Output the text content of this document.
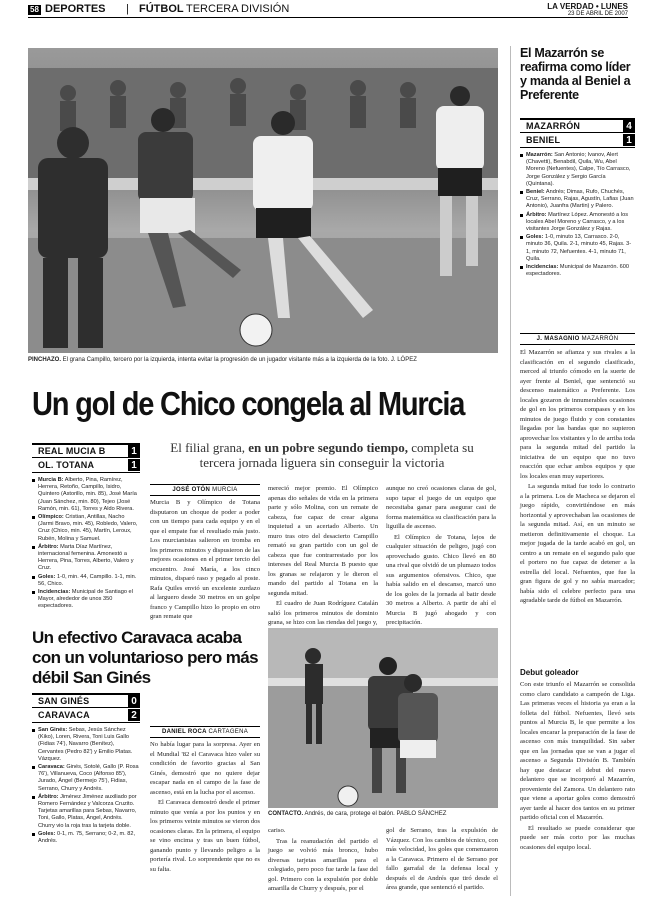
58 DEPORTES | FÚTBOL TERCERA DIVISIÓN	LA VERDAD • LUNES
23 DE ABRIL DE 2007
PINCHAZO. El grana Campillo, tercero por la izquierda, intenta evitar la progresión de un jugador visitante más a la izquierda de la foto. J. LÓPEZ
Un gol de Chico congela al Murcia
REAL MUCIA B	1
OL. TOTANA	1
Murcia B: Alberto, Pina, Ramírez, Herrera, Retoño, Campillo, Isidro, Quintero (Astorillo, min. 85), José María (Juan Sánchez, min. 80), Tejeo (José Ramón, min. 61), Torres y Aldo Rivera.
Olímpico: Cristian, Antillas, Nacho (Jarmi Bravo, min. 45), Robledo, Valero, Cruz (Chico, min. 45), Martín, Leroux, Rubén, Molina y Samuel.
Árbitro: Marta Díaz Martínez, internacional femenina. Amonestó a Herrera, Pina, Torres, Alberto, Valero y Cruz.
Goles: 1-0, min. 44, Campillo. 1-1, min. 56, Chico.
Incidencias: Municipal de Santiago el Mayor, alrededor de unos 350 espectadores.
El filial grana, en un pobre segundo tiempo, completa su tercera jornada liguera sin conseguir la victoria
JOSÉ OTÓN MURCIA

Murcia B y Olímpico de Totana disputaron un choque de poder a poder con un tiempo para cada equipo y en el que el empate fue el resultado más justo. Los murcianistas salieron en tromba en los primeros minutos y dispusieron de las mejores ocasiones en el primer tercio del encuentro. José María, a los cinco minutos, disparó raso y pegado al poste. Rafa Quiles envió un excelente zurdazo al larguero desde 30 metros en un golpe franco y Campillo hizo lo propio en otro gran remate que

mereció mejor premio. El Olímpico apenas dio señales de vida en la primera parte y sólo Molina, con un remate de cabeza, fue capaz de crear alguna inquietud a un acertado Alberto. Un muro tras otro del desacierto Campillo remató su gran partido con un gol de cabeza que fue contrarrestado por los intereses del Real Murcia B puesto que los granas se relajaron y le dieron el mando del partido al Totana en la segunda mitad.

El cuadro de Juan Rodríguez Catalán salió los primeros minutos de dominio grana, se hizo con las riendas del juego y,

aunque no creó ocasiones claras de gol, supo tapar el juego de un equipo que necesitaba ganar para asegurar casi de forma matemática su clasificación para la liguilla de ascenso.

El Olímpico de Totana, lejos de cualquier situación de peligro, jugó con aprovechado gusto. Chico llevó en 80 una rival que olvidó de un plumazo todos sus argumentos ofensivos. Chico, que había salido en el descanso, marcó uno de los goles de la jornada al batir desde 30 metros a Alberto. A partir de ahí el Murcia B jugó ahogado y con precipitación.

El Mazarrón se reafirma como líder y manda al Beniel a Preferente
MAZARRÓN	4
BENIEL	1
Mazarrón: San Antonio; Ivanov, Alert (Chavetti), Benabdil, Quila, Wu, Abel Moreno (Nefuentes), Calpe, Tío Carrasco, Jorge González y Sergio García (Quintana).
Beniel: Andrés; Dimas, Rufo, Chuchés, Cruz, Serrano, Rajas, Agustín, Lafias (Juan Antonio), Juanfra (Martin) y Palero.
Árbitro: Martínez López. Amonestó a los locales Abel Moreno y Carrasco, y a los visitantes Jorge González y Rajas.
Goles: 1-0, minuto 13, Carrasco. 2-0, minuto 36, Quila. 2-1, minuto 45, Rajas. 3-1, minuto 72, Nefuentes. 4-1, minuto 71, Quila.
Incidencias: Municipal de Mazarrón. 600 espectadores.
J. MASAGNIO MAZARRÓN

El Mazarrón se afianza y sus rivales a la clasificación en el segundo clasificado, merced al triunfo cómodo en la suerte de ayer frente al Beniel, que sentenció su descenso matemático a Preferente. Los locales gozaron de innumerables ocasiones de gol en los primeros compases y en los minutos de juego fluido y con constantes llegadas por las bandas que no supieron aprovechar los visitantes y lo de arriba toda para la segunda mitad del partido la iniciativa de un equipo que no tuvo reacción que echar ambos equipos y que los locales eran muy superiores.

La segunda mitad fue todo lo contrario a la primera. Los de Macheca se dejaron el juego rápido, convirtiéndose en más horizontal y aprovechaban las ocasiones de la segunda mitad. Así, en un minuto se metieron definitivamente el choque. La mejor jugada de la tarde acabó en gol, un centro a un remate en el segundo palo que el portero no fue capaz de detener a la estrella del local. Nefuentes, que fue la gran figura de gol y no sabía marcador; había sido el celebre perfecto para una agradable tarde de fútbol en Mazarrón.

Debut goleador

Con este triunfo el Mazarrón se consolida como claro candidato a campeón de Liga. Las primeras veces el historia ya eran a la folleta del fútbol. Nefuentes, llevó seis puntos al Murcia B, le que permite a los locales encarar la preparación de la fase de ascenso con más tranquilidad. Sin saber que en las jornadas que se van a jugar el ascenso a Segunda División B. También hay que destacar el debut del nuevo delantero que se incorporó al Mazarrón, proveniente del Zamora. Un delantero rato que viene a aportar goles como demostró ayer tarde al hacer dos tantos en su primer partido oficial con el Mazarrón.

El resultado se puede considerar que puede ser más corto por las muchas ocasiones del equipo local.

Un efectivo Caravaca acaba con un voluntarioso pero más débil San Ginés
SAN GINÉS	0
CARAVACA	2
San Ginés: Sebas, Jesús Sánchez (Kiko), Loren, Rivera, Toni Luis Gallo (Fidias 74'), Navarro (Benítez), Cervantes (Pedro 82') y Emilio Platas. Vázquez.
Caravaca: Ginés, Sotolé, Gallo (P. Rosa 76'), Villanueva, Coco (Alfonso 85'), Jurado, Ángel (Bermejo 75'), Fidias, Serrano, Churry y Andrés.
Árbitro: Jiménez Jiménez auxiliado por Romero Fernández y Valcorza Cruzito. Tarjetas amarillas para Sebas, Navarro, Toni, Gallo, Platas, Ángel, Andrés. Churry vio la roja tras la tarjeta doble.
Goles: 0-1, m. 75, Serrano; 0-2, m. 82, Andrés.
DANIEL ROCA CARTAGENA

No había lugar para la sorpresa. Ayer en el Mundial '82 el Caravaca hizo valer su condición de favorito gracias al San Ginés, demostró que no quiere dejar escapar nada en el campo de la fase de ascenso, está en la lucha por el ascenso.

El Caravaca demostró desde el primer minuto que venía a por los puntos y en los primeros veinte minutos se vieron dos ocasiones claras. En la primera, el equipo se vino encima y tras un buen fútbol, ganando punto y llevando peligro a la portería rival. Lo sorprendente que no es su falta.

CONTACTO. Andrés, de cara, protege el balón. PABLO SÁNCHEZ

cariso.

Tras la reanudación del partido el juego se volvió más bronco, hubo diversas tarjetas amarillas para el colegiado, pero poco fue tarde la fase del gol. Primero con la expulsión por doble amarilla de Churry y después, por el

gol de Serrano, tras la expulsión de Vázquez. Con los cambios de técnico, con más velocidad, los goles que comenzaron a la Caravaca. Primero el de Serrano por fallo garrafal de la defensa local y después el de Andrés que tiró desde el área grande, que sentenció el partido.
